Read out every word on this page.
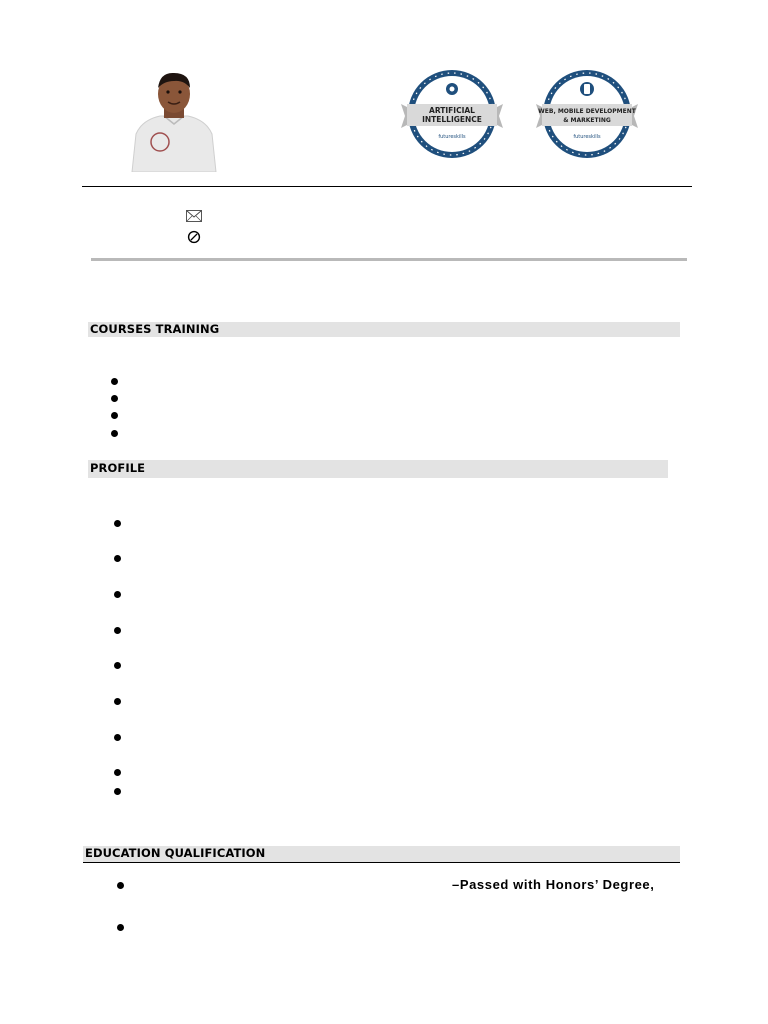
ARTIFICIAL
INTELLIGENCE
futureskills
WEB, MOBILE DEVELOPMENT
& MARKETING
futureskills
COURSES TRAINING
PROFILE
EDUCATION QUALIFICATION
–Passed with Honors’ Degree,
